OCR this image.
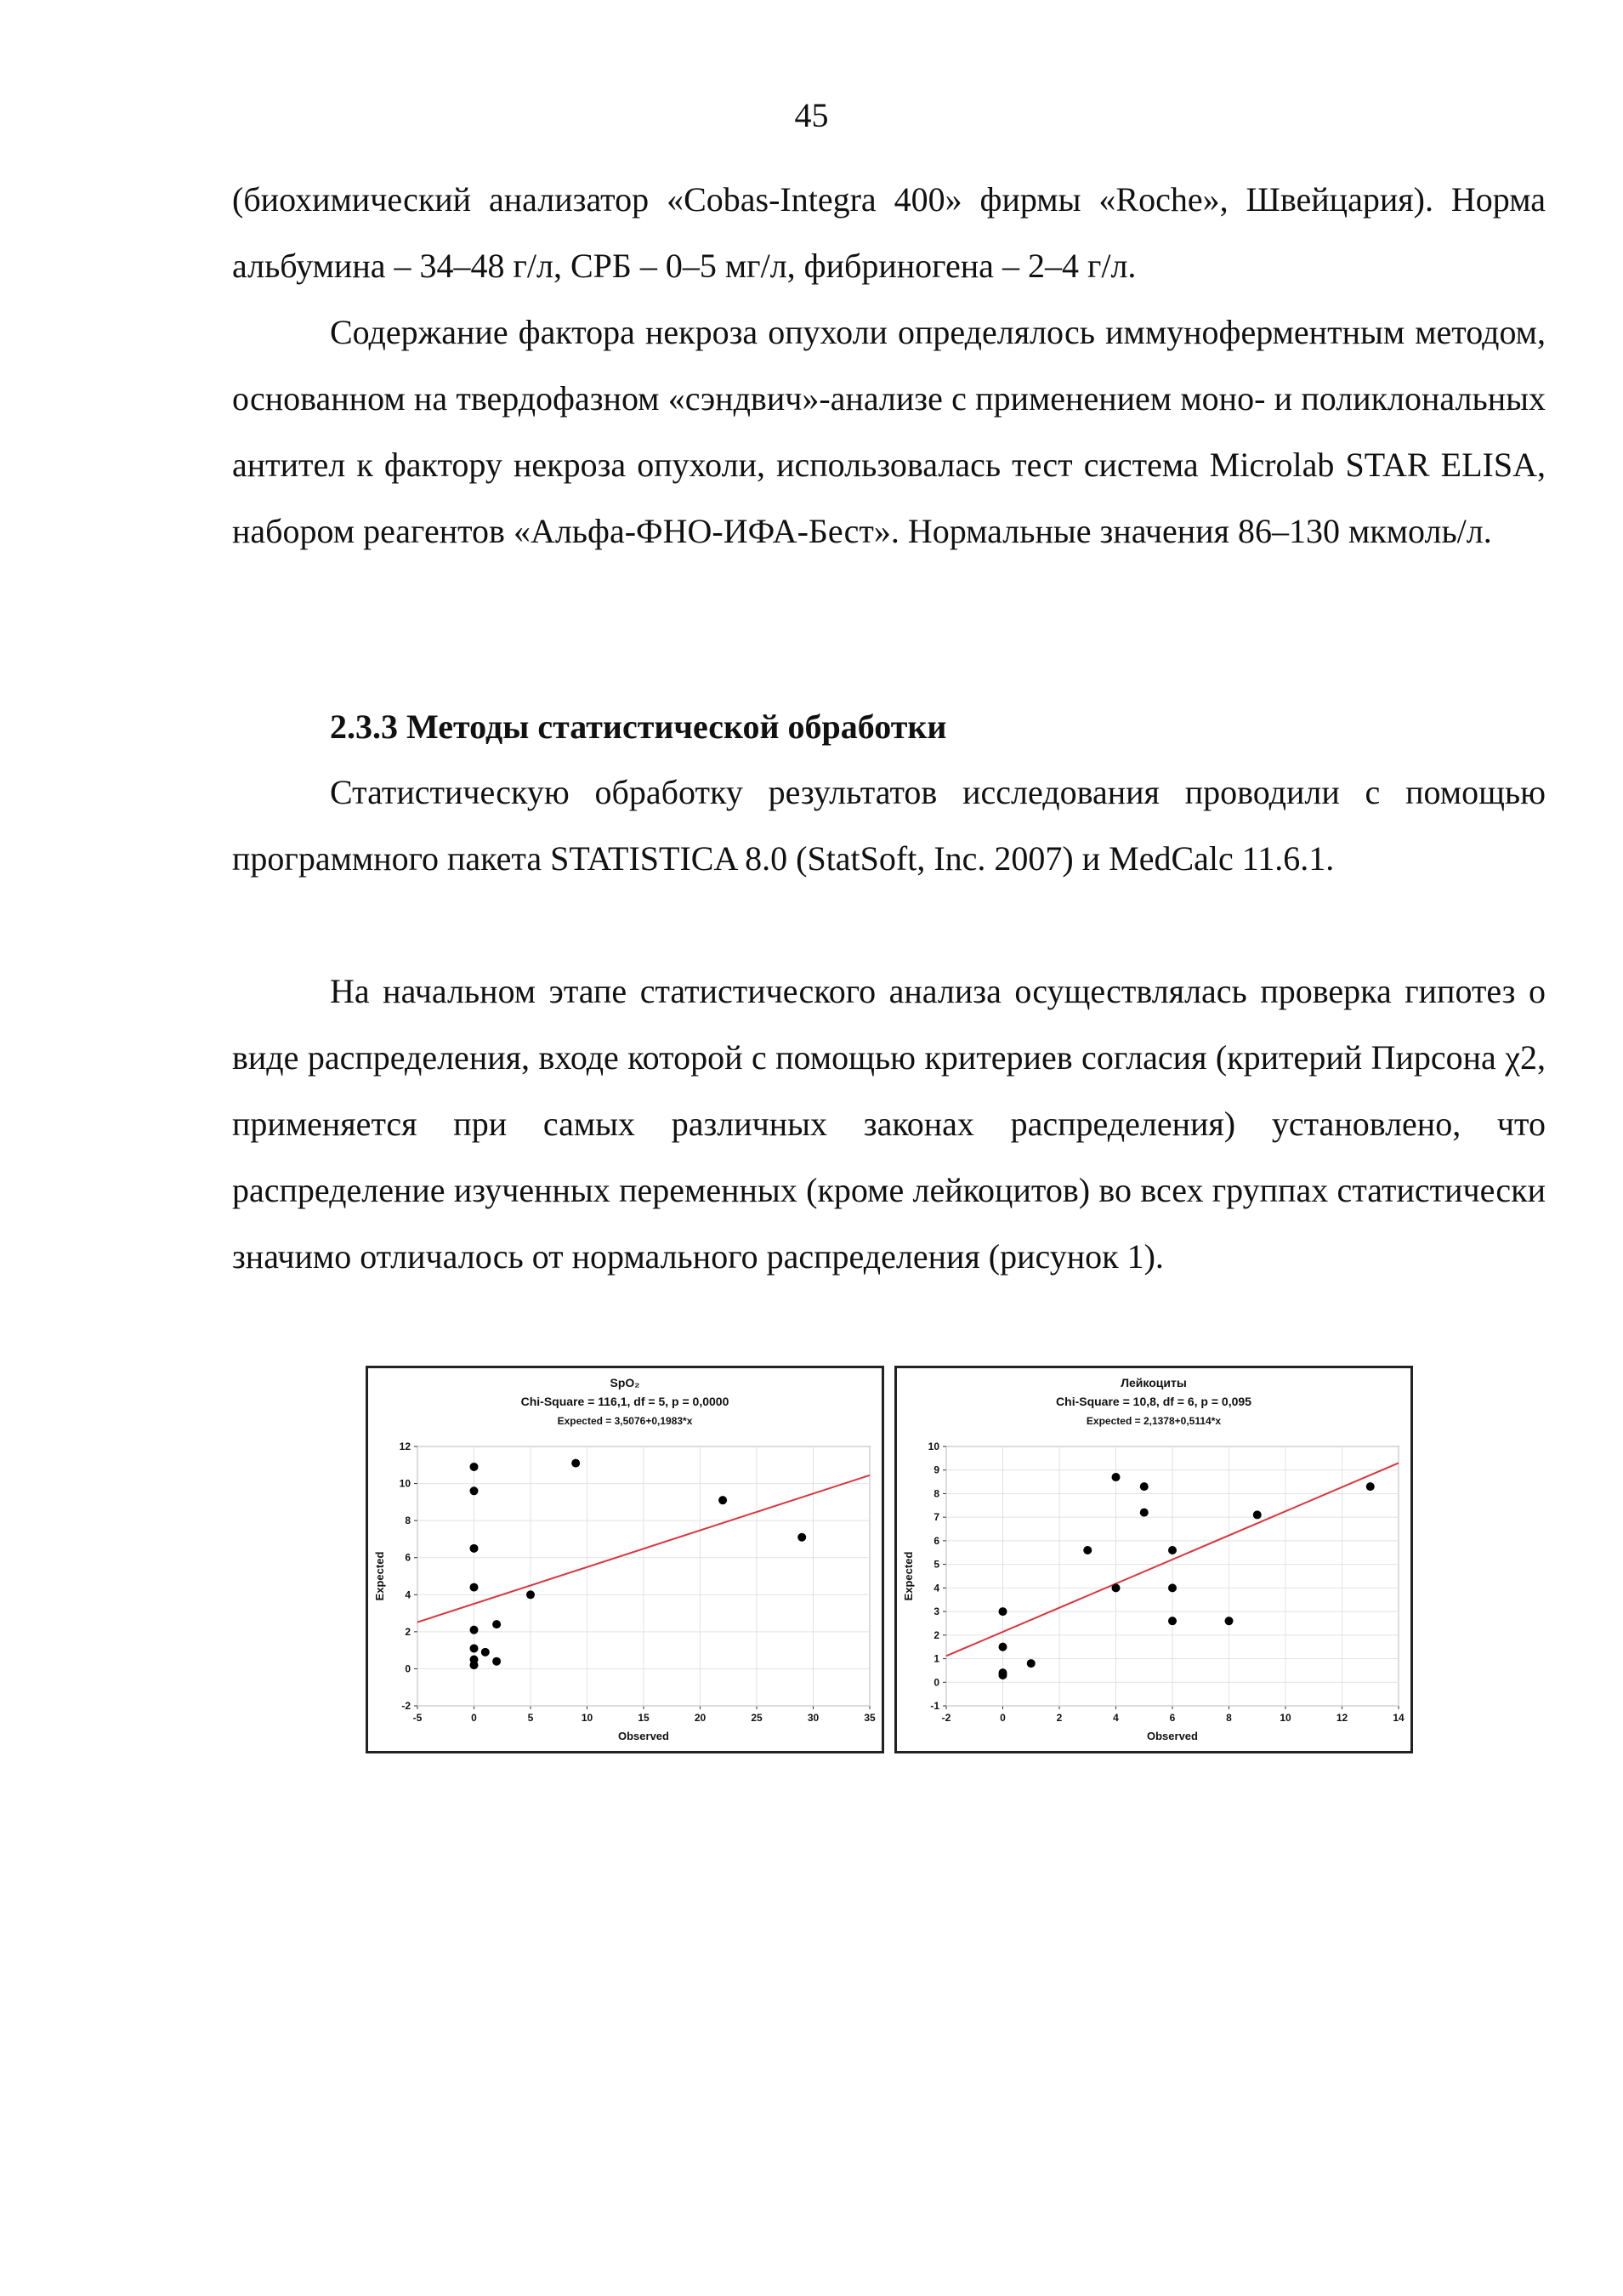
45

(биохимический анализатор «Cobas-Integra 400» фирмы «Roche», Швейцария). Норма альбумина – 34–48 г/л, СРБ – 0–5 мг/л, фибриногена – 2–4 г/л.

Содержание фактора некроза опухоли определялось иммуноферментным методом, основанном на твердофазном «сэндвич»-анализе с применением моно- и поликлональных антител к фактору некроза опухоли, использовалась тест система Microlab STAR ELISA, набором реагентов «Альфа-ФНО-ИФА-Бест». Нормальные значения 86–130 мкмоль/л.

2.3.3 Методы статистической обработки

Статистическую обработку результатов исследования проводили с помощью программного пакета STATISTICA 8.0 (StatSoft, Inc. 2007) и MedCalc 11.6.1.

На начальном этапе статистического анализа осуществлялась проверка гипотез о виде распределения, входе которой с помощью критериев согласия (критерий Пирсона χ2, применяется при самых различных законах распределения) установлено, что распределение изученных переменных (кроме лейкоцитов) во всех группах статистически значимо отличалось от нормального распределения (рисунок 1).

SpO₂
Chi-Square = 116,1, df = 5, p = 0,0000
Expected = 3,5076+0,1983*x
-5	0	5	10	15	20	25	30	35
-2
0
2
4
6
8
10
12
Observed
Expected
Лейкоциты
Chi-Square = 10,8, df = 6, p = 0,095
Expected = 2,1378+0,5114*x
-2	0	2	4	6	8	10	12	14
-1
0
1
2
3
4
5
6
7
8
9
10
Observed
Expected
